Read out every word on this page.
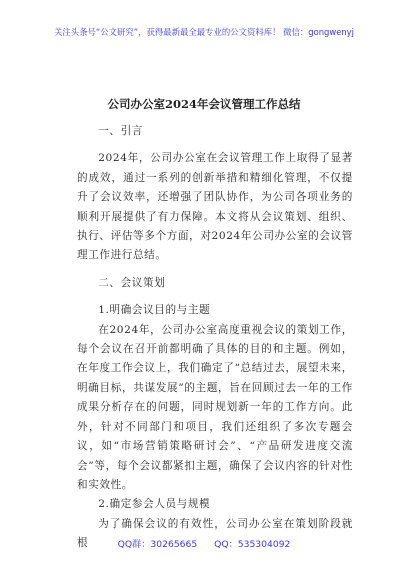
关注头条号“公文研究”，获得最新最全最专业的公文资料库！ 微信：gongwenyj
公司办公室2024年会议管理工作总结
一、引言

2024年，公司办公室在会议管理工作上取得了显著的成效，通过一系列的创新举措和精细化管理，不仅提升了会议效率，还增强了团队协作，为公司各项业务的顺利开展提供了有力保障。本文将从会议策划、组织、执行、评估等多个方面，对2024年公司办公室的会议管理工作进行总结。

二、会议策划
1.明确会议目的与主题

在2024年，公司办公室高度重视会议的策划工作，每个会议在召开前都明确了具体的目的和主题。例如，在年度工作会议上，我们确定了“总结过去，展望未来，明确目标，共谋发展”的主题，旨在回顾过去一年的工作成果分析存在的问题，同时规划新一年的工作方向。此外，针对不同部门和项目，我们还组织了多次专题会议，如“市场营销策略研讨会”、“产品研发进度交流会”等，每个会议都紧扣主题，确保了会议内容的针对性和实效性。

2.确定参会人员与规模

为了确保会议的有效性，公司办公室在策划阶段就根	QQ群：30265665 QQ：535304092
